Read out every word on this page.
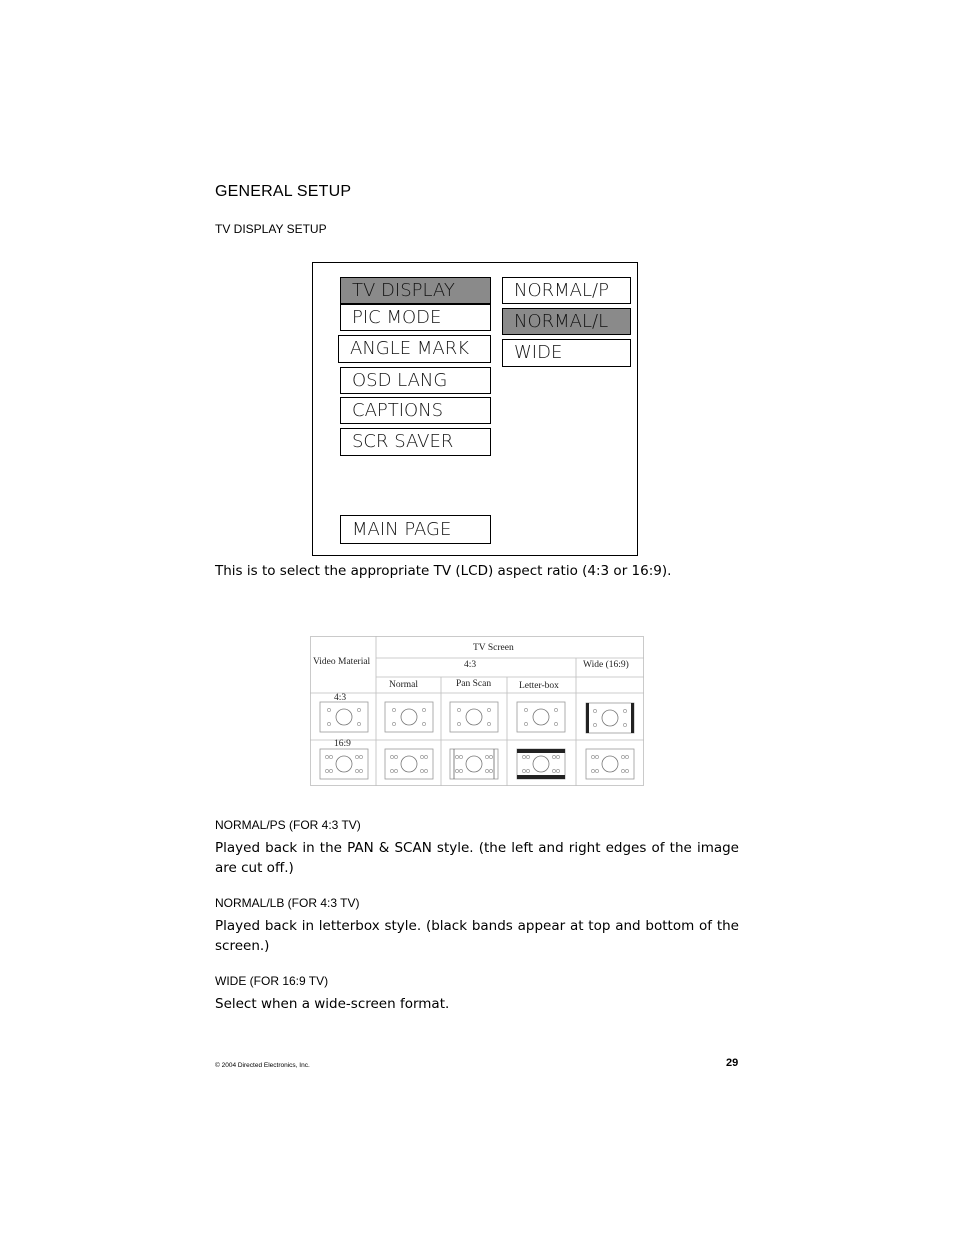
GENERAL SETUP
TV DISPLAY SETUP
TV DISPLAY
PIC MODE
ANGLE MARK
OSD LANG
CAPTIONS
SCR SAVER
MAIN PAGE
NORMAL/P
NORMAL/L
WIDE
This is to select the appropriate TV (LCD) aspect ratio (4:3 or 16:9).
Video Material
TV Screen
4:3	Wide (16:9)
Normal	Pan Scan	Letter-box
4:3
16:9
NORMAL/PS (FOR 4:3 TV)
Played back in the PAN & SCAN style. (the left and right edges of the image are cut off.)
NORMAL/LB (FOR 4:3 TV)
Played back in letterbox style. (black bands appear at top and bottom of the screen.)
WIDE (FOR 16:9 TV)
Select when a wide-screen format.
© 2004 Directed Electronics, Inc.	29
